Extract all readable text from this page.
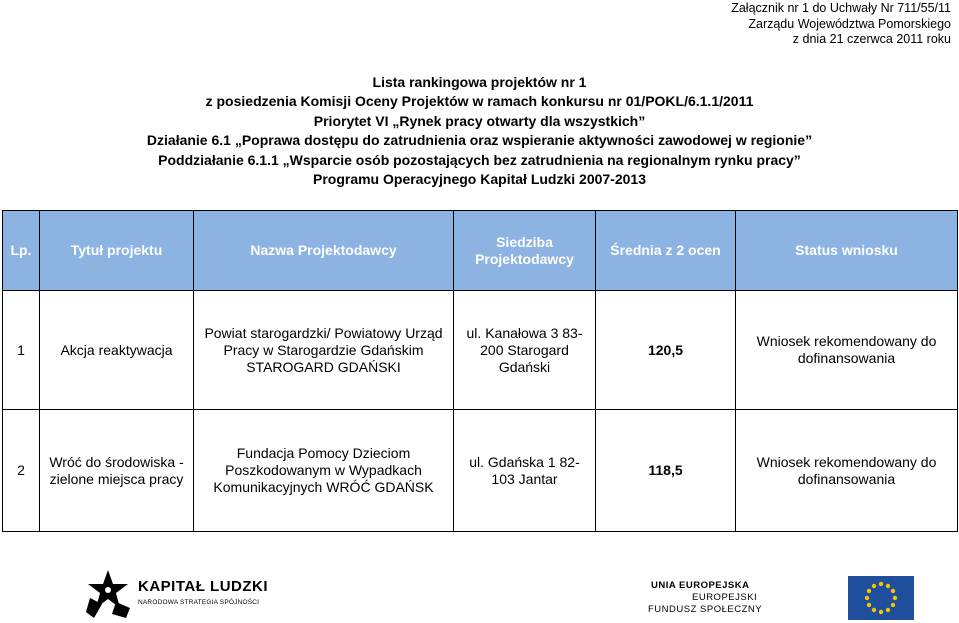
Załącznik nr 1 do Uchwały Nr 711/55/11
Zarządu Województwa Pomorskiego
z dnia 21 czerwca 2011 roku
Lista rankingowa projektów nr 1
z posiedzenia Komisji Oceny Projektów w ramach konkursu nr 01/POKL/6.1.1/2011
Priorytet VI „Rynek pracy otwarty dla wszystkich”
Działanie 6.1 „Poprawa dostępu do zatrudnienia oraz wspieranie aktywności zawodowej w regionie”
Poddziałanie 6.1.1 „Wsparcie osób pozostających bez zatrudnienia na regionalnym rynku pracy”
Programu Operacyjnego Kapitał Ludzki 2007-2013
Lp.	Tytuł projektu	Nazwa Projektodawcy	Siedziba Projektodawcy	Średnia z 2 ocen	Status wniosku
1	Akcja reaktywacja	Powiat starogardzki/ Powiatowy Urząd Pracy w Starogardzie Gdańskim STAROGARD GDAŃSKI	ul. Kanałowa 3 83-200 Starogard Gdański	120,5	Wniosek rekomendowany do dofinansowania
2	Wróć do środowiska - zielone miejsca pracy	Fundacja Pomocy Dzieciom Poszkodowanym w Wypadkach Komunikacyjnych WRÓĆ GDAŃSK	ul. Gdańska 1 82-103 Jantar	118,5	Wniosek rekomendowany do dofinansowania
KAPITAŁ LUDZKI
NARODOWA STRATEGIA SPÓJNOŚCI
UNIA EUROPEJSKA
EUROPEJSKI
FUNDUSZ SPOŁECZNY
